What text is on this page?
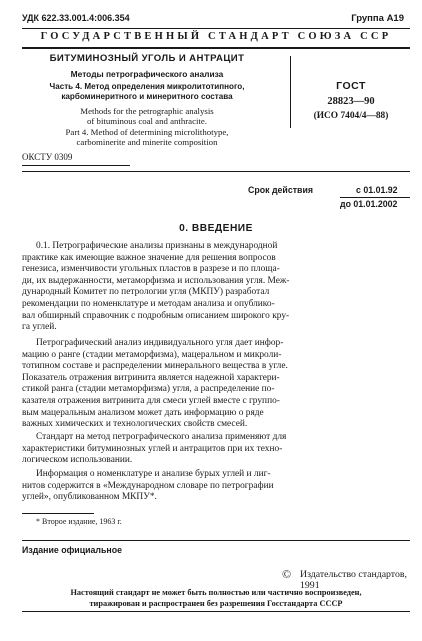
УДК 622.33.001.4:006.354	Группа А19
ГОСУДАРСТВЕННЫЙ СТАНДАРТ СОЮЗА ССР
БИТУМИНОЗНЫЙ УГОЛЬ И АНТРАЦИТ
Методы петрографического анализа
Часть 4. Метод определения микролитотипного,
карбоминеритного и минеритного состава
Methods for the petrographic analysis
of bituminous coal and anthracite.
Part 4. Method of determining microlithotype,
carbominerite and minerite composition
ОКСТУ 0309
ГОСТ
28823—90
(ИСО 7404/4—88)
Срок действия	с 01.01.92
до 01.01.2002
0. ВВЕДЕНИЕ
0.1. Петрографические анализы признаны в международной
практике как имеющие важное значение для решения вопросов
генезиса, изменчивости угольных пластов в разрезе и по площа-
ди, их выдержанности, метаморфизма и использования угля. Меж-
дународный Комитет по петрологии угля (МКПУ) разработал
рекомендации по номенклатуре и методам анализа и опублико-
вал обширный справочник с подробным описанием широкого кру-
га углей.
Петрографический анализ индивидуального угля дает инфор-
мацию о ранге (стадии метаморфизма), мацеральном и микроли-
тотипном составе и распределении минерального вещества в угле.
Показатель отражения витринита является надежной характери-
стикой ранга (стадии метаморфизма) угля, а распределение по-
казателя отражения витринита для смеси углей вместе с группо-
вым мацеральным анализом может дать информацию о ряде
важных химических и технологических свойств смесей.
Стандарт на метод петрографического анализа применяют для
характеристики битуминозных углей и антрацитов при их техно-
логическом использовании.
Информация о номенклатуре и анализе бурых углей и лиг-
нитов содержится в «Международном словаре по петрографии
углей», опубликованном МКПУ*.
* Второе издание, 1963 г.
Издание официальное
© Издательство стандартов, 1991
Настоящий стандарт не может быть полностью или частично воспроизведен,
тиражирован и распространен без разрешения Госстандарта СССР
